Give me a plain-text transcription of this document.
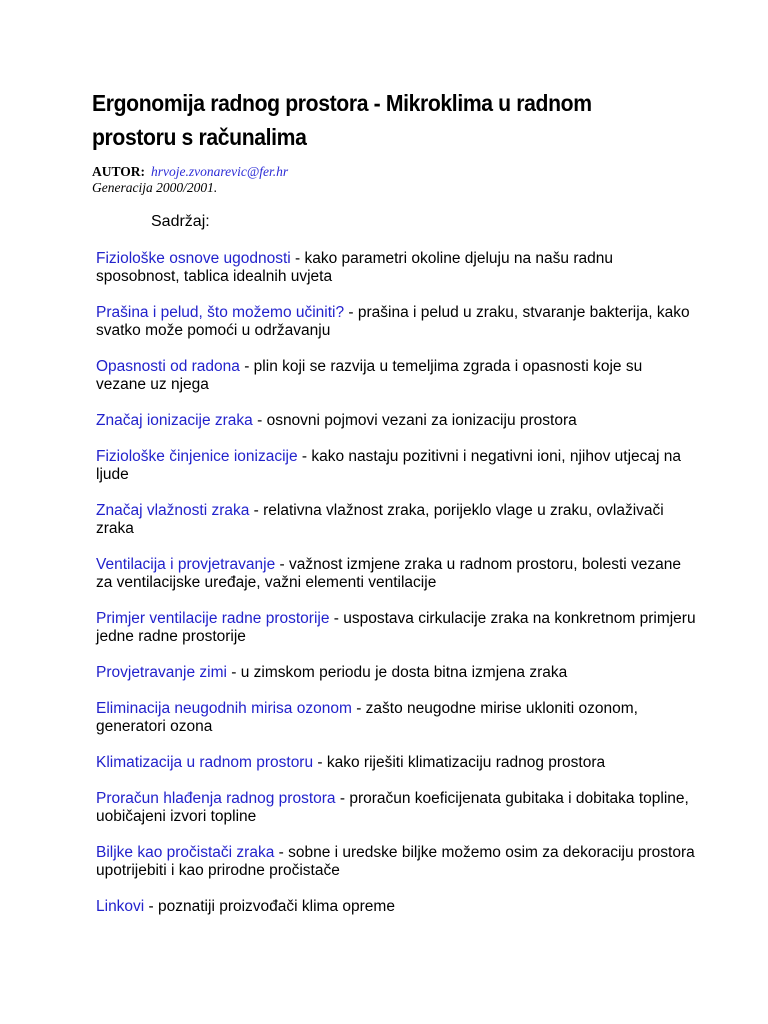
Ergonomija radnog prostora - Mikroklima u radnom prostoru s računalima
AUTOR: hrvoje.zvonarevic@fer.hr
Generacija 2000/2001.
Sadržaj:
Fiziološke osnove ugodnosti - kako parametri okoline djeluju na našu radnu sposobnost, tablica idealnih uvjeta
Prašina i pelud, što možemo učiniti? - prašina i pelud u zraku, stvaranje bakterija, kako svatko može pomoći u održavanju
Opasnosti od radona - plin koji se razvija u temeljima zgrada i opasnosti koje su vezane uz njega
Značaj ionizacije zraka - osnovni pojmovi vezani za ionizaciju prostora
Fiziološke činjenice ionizacije - kako nastaju pozitivni i negativni ioni, njihov utjecaj na ljude
Značaj vlažnosti zraka - relativna vlažnost zraka, porijeklo vlage u zraku, ovlaživači zraka
Ventilacija i provjetravanje - važnost izmjene zraka u radnom prostoru, bolesti vezane za ventilacijske uređaje, važni elementi ventilacije
Primjer ventilacije radne prostorije - uspostava cirkulacije zraka na konkretnom primjeru jedne radne prostorije
Provjetravanje zimi - u zimskom periodu je dosta bitna izmjena zraka
Eliminacija neugodnih mirisa ozonom - zašto neugodne mirise ukloniti ozonom, generatori ozona
Klimatizacija u radnom prostoru - kako riješiti klimatizaciju radnog prostora
Proračun hlađenja radnog prostora - proračun koeficijenata gubitaka i dobitaka topline, uobičajeni izvori topline
Biljke kao pročistači zraka - sobne i uredske biljke možemo osim za dekoraciju prostora upotrijebiti i kao prirodne pročistače
Linkovi - poznatiji proizvođači klima opreme
